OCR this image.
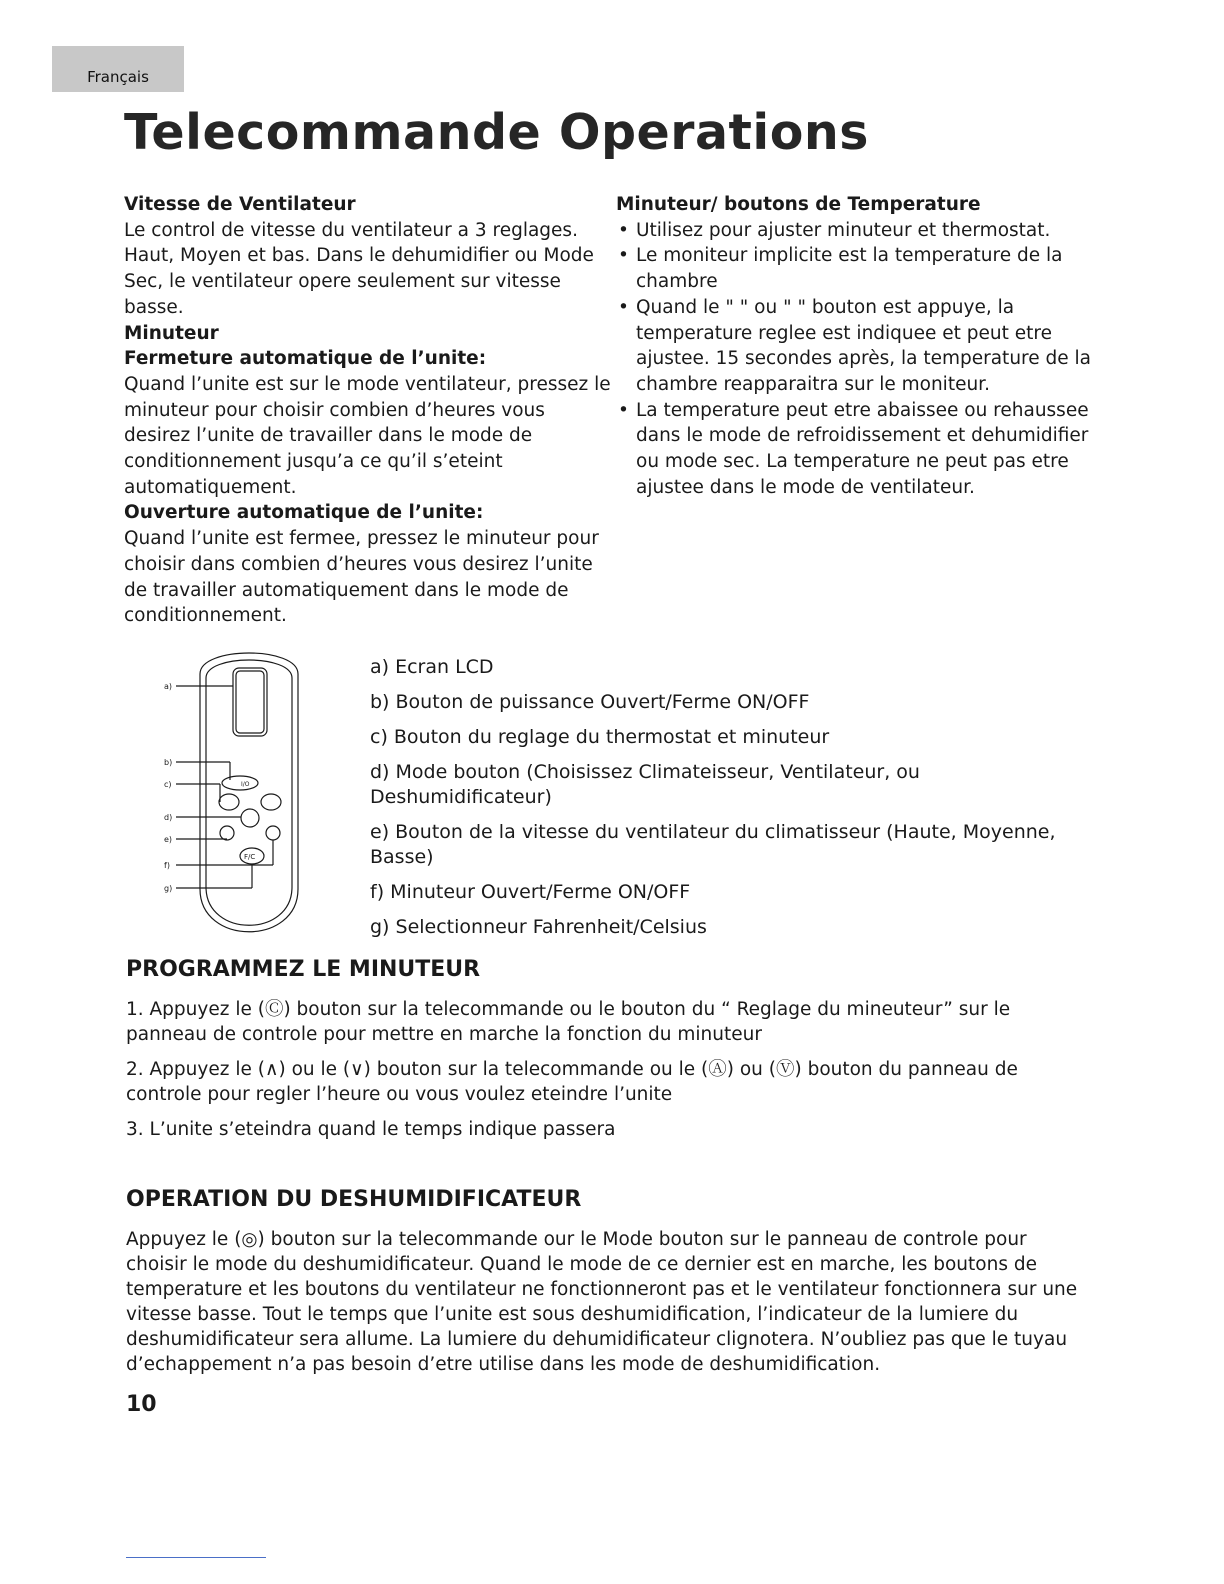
Français
Telecommande Operations
Vitesse de Ventilateur

Le control de vitesse du ventilateur a 3 reglages. Haut, Moyen et bas. Dans le dehumidifier ou Mode Sec, le ventilateur opere seulement sur vitesse basse.

Minuteur
Fermeture automatique de l’unite:

Quand l’unite est sur le mode ventilateur, pressez le minuteur pour choisir combien d’heures vous desirez l’unite de travailler dans le mode de conditionnement jusqu’a ce qu’il s’eteint automatiquement.

Ouverture automatique de l’unite:

Quand l’unite est fermee, pressez le minuteur pour choisir dans combien d’heures vous desirez l’unite de travailler automatiquement dans le mode de conditionnement.

Minuteur/ boutons de Temperature
• Utilisez pour ajuster minuteur et thermostat.
• Le moniteur implicite est la temperature de la chambre
• Quand le " " ou " " bouton est appuye, la temperature reglee est indiquee et peut etre ajustee. 15 secondes après, la temperature de la chambre reapparaitra sur le moniteur.
• La temperature peut etre abaissee ou rehaussee dans le mode de refroidissement et dehumidifier ou mode sec. La temperature ne peut pas etre ajustee dans le mode de ventilateur.
a)
b)
c)
d)
e)
f)
g)
I/O
F/C

a) Ecran LCD

b) Bouton de puissance Ouvert/Ferme ON/OFF

c) Bouton du reglage du thermostat et minuteur

d) Mode bouton (Choisissez Climateisseur, Ventilateur, ou Deshumidificateur)

e) Bouton de la vitesse du ventilateur du climatisseur (Haute, Moyenne, Basse)

f) Minuteur Ouvert/Ferme ON/OFF

g) Selectionneur Fahrenheit/Celsius

PROGRAMMEZ LE MINUTEUR

1. Appuyez le (Ⓒ) bouton sur la telecommande ou le bouton du “ Reglage du mineuteur” sur le panneau de controle pour mettre en marche la fonction du minuteur

2. Appuyez le (∧) ou le (∨) bouton sur la telecommande ou le (Ⓐ) ou (Ⓥ) bouton du panneau de controle pour regler l’heure ou vous voulez eteindre l’unite

3. L’unite s’eteindra quand le temps indique passera

OPERATION DU DESHUMIDIFICATEUR

Appuyez le (◎) bouton sur la telecommande our le Mode bouton sur le panneau de controle pour choisir le mode du deshumidificateur. Quand le mode de ce dernier est en marche, les boutons de temperature et les boutons du ventilateur ne fonctionneront pas et le ventilateur fonctionnera sur une vitesse basse. Tout le temps que l’unite est sous deshumidification, l’indicateur de la lumiere du deshumidificateur sera allume. La lumiere du dehumidificateur clignotera. N’oubliez pas que le tuyau d’echappement n’a pas besoin d’etre utilise dans les mode de deshumidification.

10
